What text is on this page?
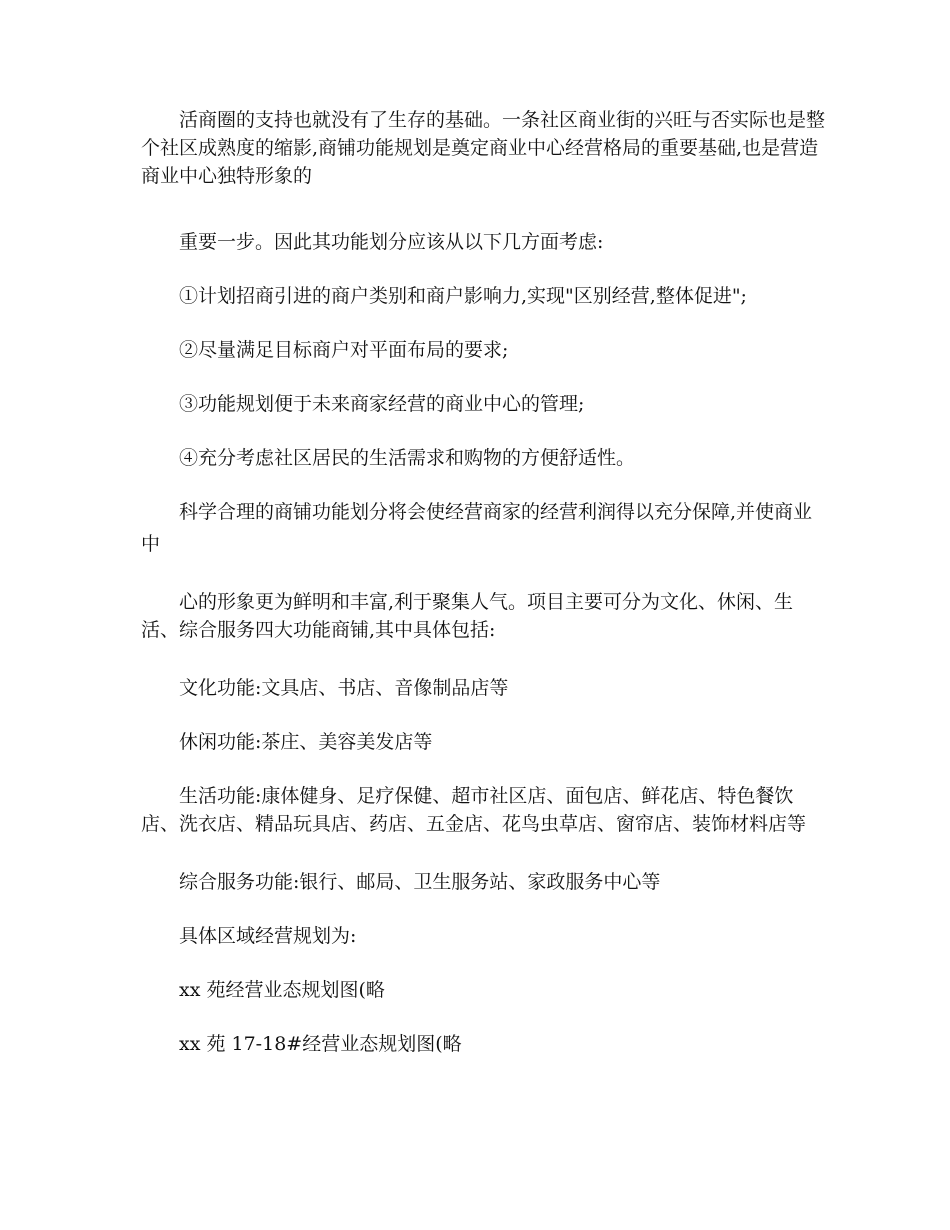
活商圈的支持也就没有了生存的基础。一条社区商业街的兴旺与否实际也是整
个社区成熟度的缩影,商铺功能规划是奠定商业中心经营格局的重要基础,也是营造
商业中心独特形象的
重要一步。因此其功能划分应该从以下几方面考虑:
①计划招商引进的商户类别和商户影响力,实现"区别经营,整体促进";
②尽量满足目标商户对平面布局的要求;
③功能规划便于未来商家经营的商业中心的管理;
④充分考虑社区居民的生活需求和购物的方便舒适性。
科学合理的商铺功能划分将会使经营商家的经营利润得以充分保障,并使商业
中
心的形象更为鲜明和丰富,利于聚集人气。项目主要可分为文化、休闲、生
活、综合服务四大功能商铺,其中具体包括:
文化功能:文具店、书店、音像制品店等
休闲功能:茶庄、美容美发店等
生活功能:康体健身、足疗保健、超市社区店、面包店、鲜花店、特色餐饮
店、洗衣店、精品玩具店、药店、五金店、花鸟虫草店、窗帘店、装饰材料店等
综合服务功能:银行、邮局、卫生服务站、家政服务中心等
具体区域经营规划为:
xx 苑经营业态规划图(略
xx 苑 17-18#经营业态规划图(略
